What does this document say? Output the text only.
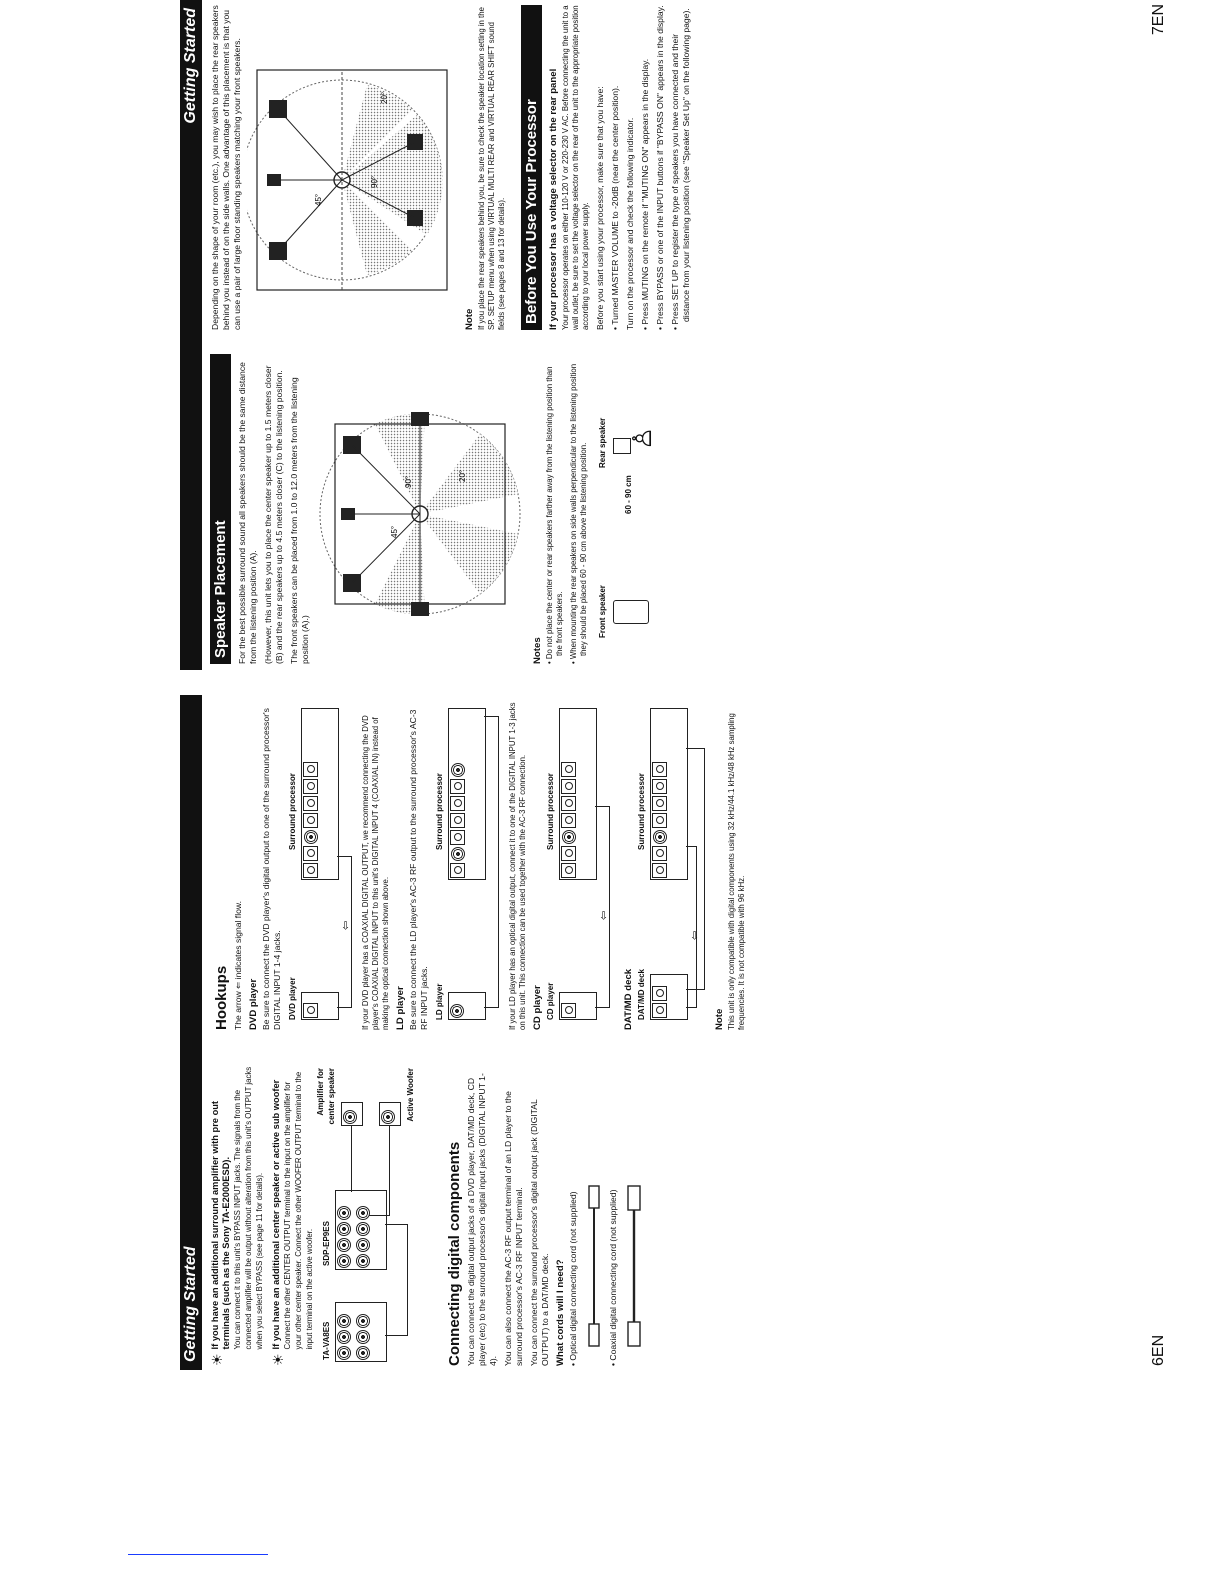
Getting Started ☀
If you have an additional surround amplifier with pre out terminals (such as the Sony TA-E2000ESD). You can connect it to this unit's BYPASS INPUT jacks. The signals from the connected amplifier will be output without alteration from this unit's OUTPUT jacks when you select BYPASS (see page 11 for details).
☀
If you have an additional center speaker or active sub woofer Connect the other CENTER OUTPUT terminal to the input on the amplifier for your other center speaker. Connect the other WOOFER OUTPUT terminal to the input terminal on the active woofer. TA-VA8ES
SDP-EP9ES
Amplifier for center speaker

	Active Woofer
Connecting digital components You can connect the digital output jacks of a DVD player, DAT/MD deck, CD player (etc) to the surround processor's digital input jacks (DIGITAL INPUT 1-4). You can also connect the AC-3 RF output terminal of an LD player to the surround processor's AC-3 RF INPUT terminal. You can connect the surround processor's digital output jack (DIGITAL OUTPUT) to a DAT/MD deck. What cords will I need? • Optical digital connecting cord (not supplied)

• Coaxial digital connecting cord (not supplied)

Hookups The arrow ⇐ indicates signal flow. DVD player Be sure to connect the DVD player's digital output to one of the surround processor's DIGITAL INPUT 1-4 jacks. DVD player
Surround processor
⇦ If your DVD player has a COAXIAL DIGITAL OUTPUT, we recommend connecting the DVD player's COAXIAL DIGITAL INPUT to this unit's DIGITAL INPUT 4 (COAXIAL IN) instead of making the optical connection shown above. LD player Be sure to connect the LD player's AC-3 RF output to the surround processor's AC-3 RF INPUT jacks. LD player
Surround processor	If your LD player has an optical digital output, connect it to one of the DIGITAL INPUT 1-3 jacks on this unit. This connection can be used together with the AC-3 RF connection. CD player CD player
Surround processor
⇦
DAT/MD deck DAT/MD deck
Surround processor
⇦
Note This unit is only compatible with digital components using 32 kHz/44.1 kHz/48 kHz sampling frequencies. It is not compatible with 96 kHz.

6EN
Getting Started
Speaker Placement For the best possible surround sound all speakers should be the same distance from the listening position (A). (However, this unit lets you to place the center speaker up to 1.5 meters closer (B) and the rear speakers up to 4.5 meters closer (C) to the listening position. The front speakers can be placed from 1.0 to 12.0 meters from the listening position (A).)

45°
90°	20°
Notes • Do not place the center or rear speakers farther away from the listening position than the front speakers.

• When mounting the rear speakers on side walls perpendicular to the listening position they should be placed 60 - 90 cm above the listening position. Front speaker
Rear speaker
60 - 90 cm
♙

Depending on the shape of your room (etc.), you may wish to place the rear speakers behind you instead of on the side walls. One advantage of this placement is that you can use a pair of large floor standing speakers matching your front speakers.	45°
90°
20°
Note If you place the rear speakers behind you, be sure to check the speaker location setting in the SP. SETUP menu when using VIRTUAL MULTI REAR and VIRTUAL REAR SHIFT sound fields (see pages 8 and 13 for details). Before You Use Your Processor If your processor has a voltage selector on the rear panel Your processor operates on either 110-120 V or 220-230 V AC. Before connecting the unit to a wall outlet, be sure to set the voltage selector on the rear of the unit to the appropriate position according to your local power supply. Before you start using your processor, make sure that you have: • Turned MASTER VOLUME to -20dB (near the center position). Turn on the processor and check the following indicator. • Press MUTING on the remote if "MUTING ON" appears in the display.

• Press BYPASS or one of the INPUT buttons if "BYPASS ON" appears in the display.

• Press SET UP to register the type of speakers you have connected and their distance from your listening position (see "Speaker Set Up" on the following page).	7EN
